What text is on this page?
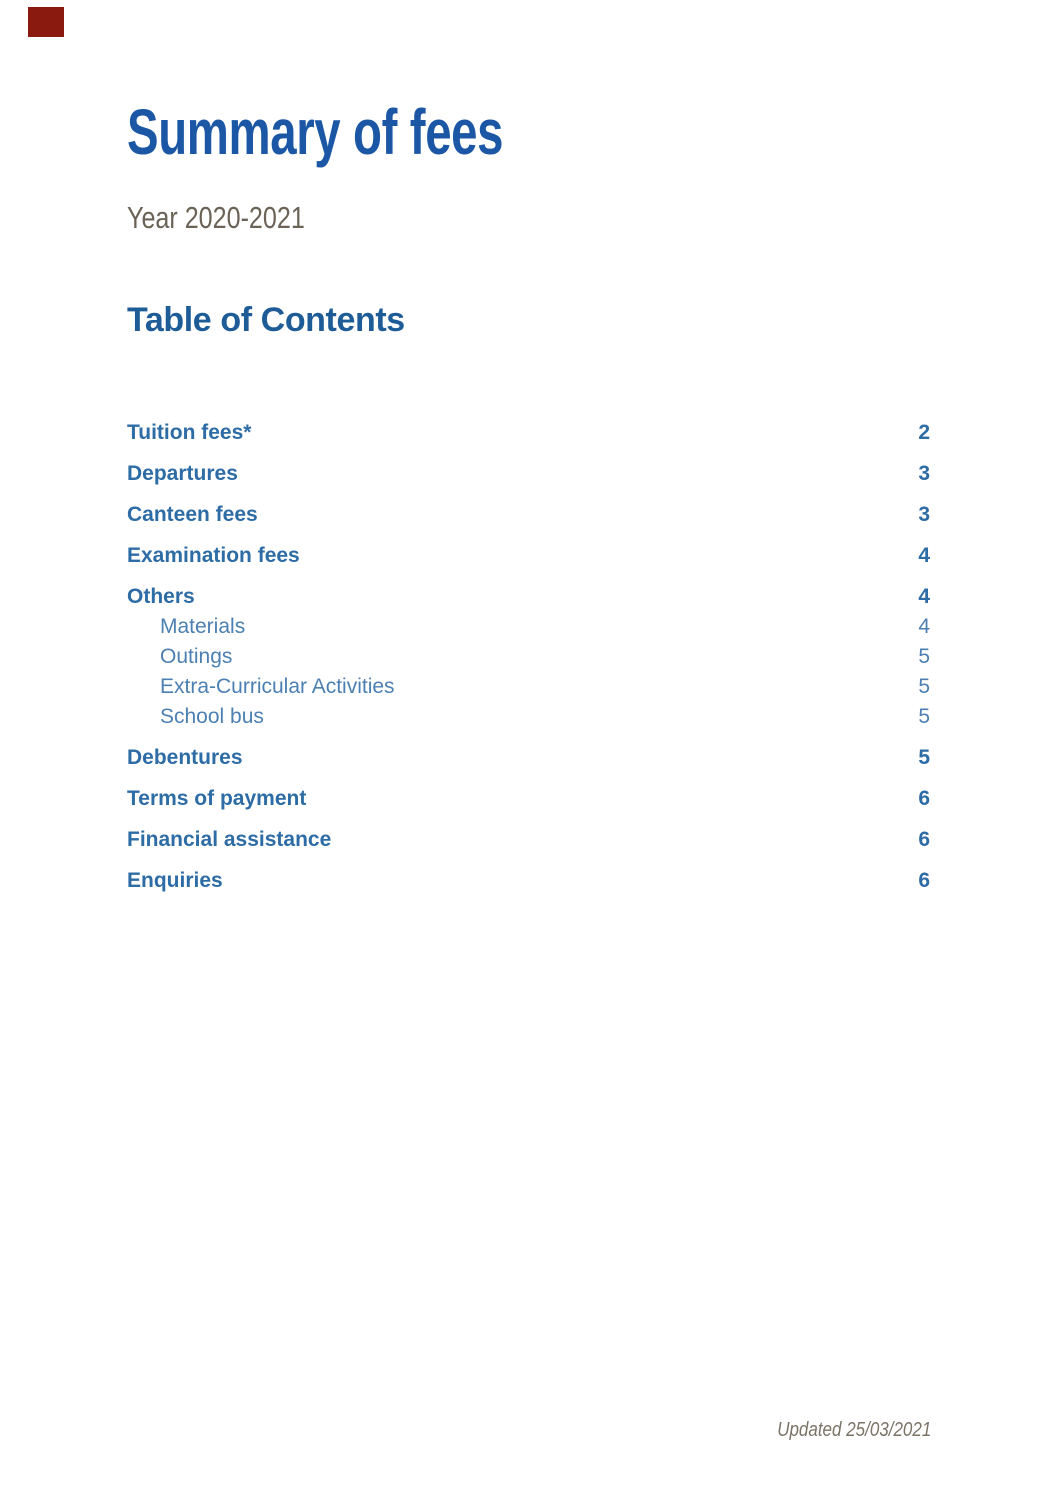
Summary of fees
Year 2020-2021
Table of Contents
Tuition fees*	2
Departures	3
Canteen fees	3
Examination fees	4
Others	4
Materials	4
Outings	5
Extra-Curricular Activities	5
School bus	5
Debentures	5
Terms of payment	6
Financial assistance	6
Enquiries	6
Updated 25/03/2021
